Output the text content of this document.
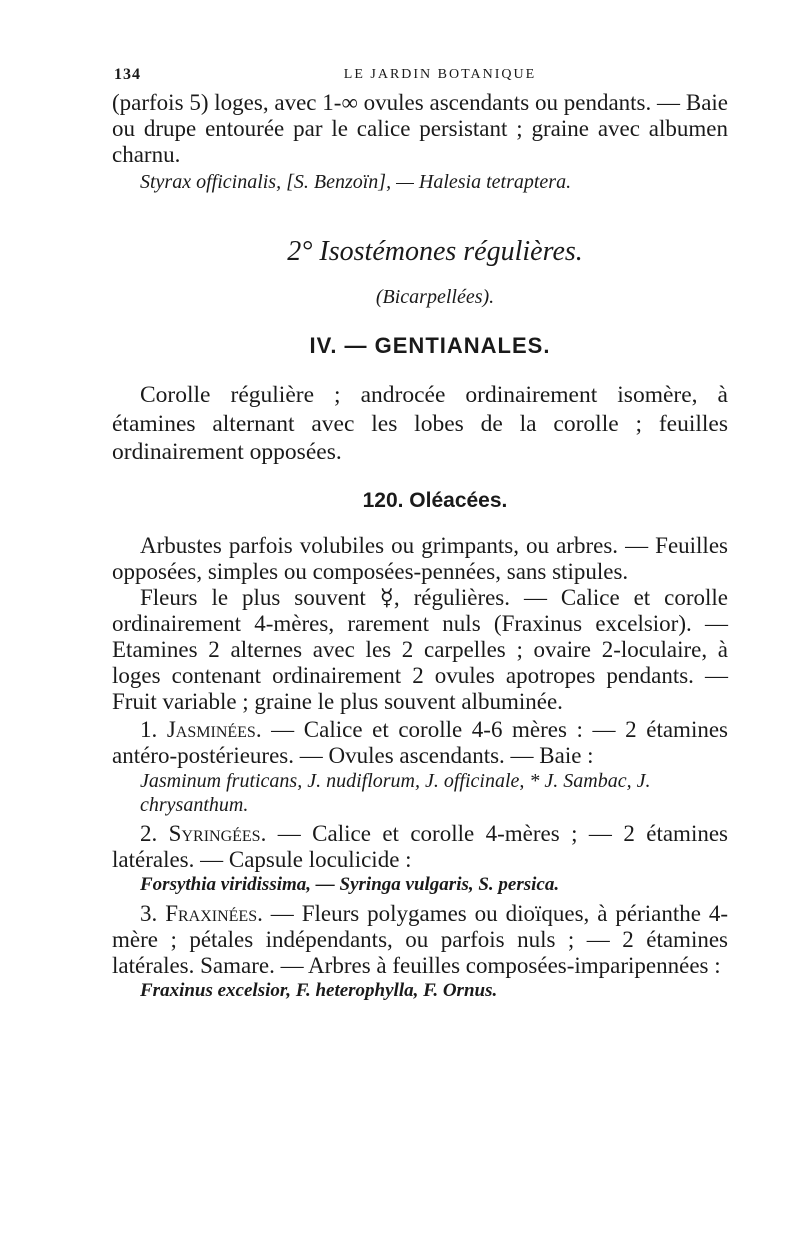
134	LE JARDIN BOTANIQUE

(parfois 5) loges, avec 1-∞ ovules ascendants ou pendants. — Baie ou drupe entourée par le calice persistant ; graine avec albumen charnu.

Styrax officinalis, [S. Benzoïn], — Halesia tetraptera.

2° Isostémones régulières.

(Bicarpellées).

IV. — GENTIANALES.

Corolle régulière ; androcée ordinairement isomère, à étamines alternant avec les lobes de la corolle ; feuilles ordinairement opposées.

120. Oléacées.

Arbustes parfois volubiles ou grimpants, ou arbres. — Feuilles opposées, simples ou composées-pennées, sans stipules.

Fleurs le plus souvent ☿, régulières. — Calice et corolle ordinairement 4-mères, rarement nuls (Fraxinus excelsior). — Etamines 2 alternes avec les 2 carpelles ; ovaire 2-loculaire, à loges contenant ordinairement 2 ovules apotropes pendants. — Fruit variable ; graine le plus souvent albuminée.

1. Jasminées. — Calice et corolle 4-6 mères : — 2 étamines antéro-postérieures. — Ovules ascendants. — Baie :

Jasminum fruticans, J. nudiflorum, J. officinale, * J. Sambac, J. chrysanthum.

2. Syringées. — Calice et corolle 4-mères ; — 2 étamines latérales. — Capsule loculicide :

Forsythia viridissima, — Syringa vulgaris, S. persica.

3. Fraxinées. — Fleurs polygames ou dioïques, à périanthe 4-mère ; pétales indépendants, ou parfois nuls ; — 2 étamines latérales. Samare. — Arbres à feuilles composées-imparipennées :

Fraxinus excelsior, F. heterophylla, F. Ornus.
